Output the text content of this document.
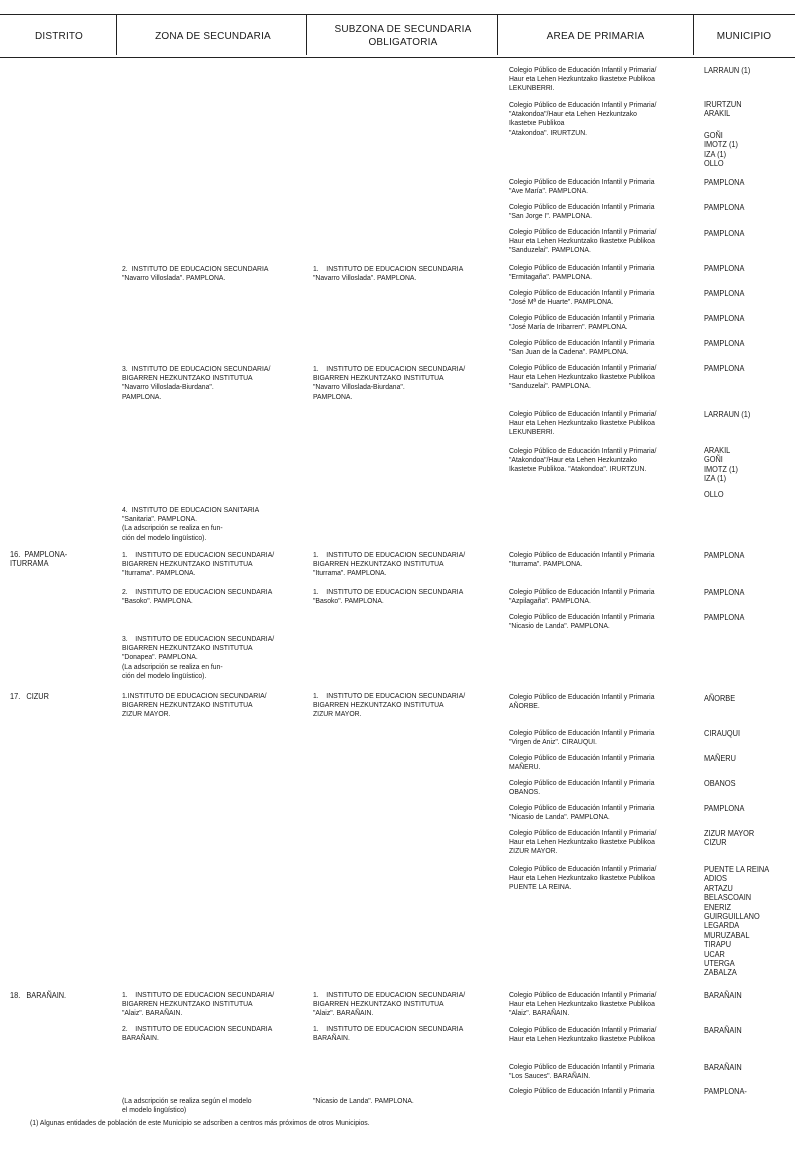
DISTRITO	ZONA DE SECUNDARIA
SUBZONA DE SECUNDARIA
OBLIGATORIA
AREA DE PRIMARIA	MUNICIPIO
Colegio Público de Educación Infantil y Primaria/
Haur eta Lehen Hezkuntzako Ikastetxe Publikoa
LEKUNBERRI.
Colegio Público de Educación Infantil y Primaria/
"Atakondoa"/Haur eta Lehen Hezkuntzako
Ikastetxe Publikoa
"Atakondoa". IRURTZUN.
Colegio Público de Educación Infantil y Primaria
"Ave María". PAMPLONA.
Colegio Público de Educación Infantil y Primaria
"San Jorge I". PAMPLONA.
Colegio Público de Educación Infantil y Primaria/
Haur eta Lehen Hezkuntzako Ikastetxe Publikoa
"Sanduzelai". PAMPLONA.
Colegio Público de Educación Infantil y Primaria
"Ermitagaña". PAMPLONA.
Colegio Público de Educación Infantil y Primaria
"José Mª de Huarte". PAMPLONA.
Colegio Público de Educación Infantil y Primaria
"José María de Iribarren". PAMPLONA.
Colegio Público de Educación Infantil y Primaria
"San Juan de la Cadena". PAMPLONA.
Colegio Público de Educación Infantil y Primaria/
Haur eta Lehen Hezkuntzako Ikastetxe Publikoa
"Sanduzelai". PAMPLONA.
Colegio Público de Educación Infantil y Primaria/
Haur eta Lehen Hezkuntzako Ikastetxe Publikoa
LEKUNBERRI.
Colegio Público de Educación Infantil y Primaria/
"Atakondoa"/Haur eta Lehen Hezkuntzako
Ikastetxe Publikoa. "Atakondoa". IRURTZUN.
Colegio Público de Educación Infantil y Primaria
"Iturrama". PAMPLONA.
Colegio Público de Educación Infantil y Primaria
"Azpilagaña". PAMPLONA.
Colegio Público de Educación Infantil y Primaria
"Nicasio de Landa". PAMPLONA.
Colegio Público de Educación Infantil y Primaria
AÑORBE.
Colegio Público de Educación Infantil y Primaria
"Virgen de Aniz". CIRAUQUI.
Colegio Público de Educación Infantil y Primaria
MAÑERU.
Colegio Público de Educación Infantil y Primaria
OBANOS.
Colegio Público de Educación Infantil y Primaria
"Nicasio de Landa". PAMPLONA.
Colegio Público de Educación Infantil y Primaria/
Haur eta Lehen Hezkuntzako Ikastetxe Publikoa
ZIZUR MAYOR.
Colegio Público de Educación Infantil y Primaria/
Haur eta Lehen Hezkuntzako Ikastetxe Publikoa
PUENTE LA REINA.
Colegio Público de Educación Infantil y Primaria/
Haur eta Lehen Hezkuntzako Ikastetxe Publikoa
"Alaiz". BARAÑAIN.
Colegio Público de Educación Infantil y Primaria/
Haur eta Lehen Hezkuntzako Ikastetxe Publikoa
Colegio Público de Educación Infantil y Primaria
"Los Sauces". BARAÑAIN.
Colegio Público de Educación Infantil y Primaria
LARRAUN (1)
IRURTZUN
ARAKIL
GOÑI
IMOTZ (1)
IZA (1)
OLLO
PAMPLONA
PAMPLONA
PAMPLONA
PAMPLONA
PAMPLONA
PAMPLONA
PAMPLONA
PAMPLONA
LARRAUN (1)
ARAKIL
GOÑI
IMOTZ (1)
IZA (1)
OLLO
PAMPLONA
PAMPLONA
PAMPLONA
AÑORBE
CIRAUQUI
MAÑERU
OBANOS
PAMPLONA
ZIZUR MAYOR
CIZUR
PUENTE LA REINA
ADIOS
ARTAZU
BELASCOAIN
ENERIZ
GUIRGUILLANO
LEGARDA
MURUZABAL
TIRAPU
UCAR
UTERGA
ZABALZA
BARAÑAIN
BARAÑAIN
BARAÑAIN
PAMPLONA-
2.  INSTITUTO DE EDUCACION SECUNDARIA
"Navarro Villoslada". PAMPLONA.
3.  INSTITUTO DE EDUCACION SECUNDARIA/
BIGARREN HEZKUNTZAKO INSTITUTUA
"Navarro Villoslada-Biurdana".
PAMPLONA.
4.  INSTITUTO DE EDUCACION SANITARIA
"Sanitaria". PAMPLONA.
(La adscripción se realiza en fun-
ción del modelo lingüístico).
1.    INSTITUTO DE EDUCACION SECUNDARIA/
BIGARREN HEZKUNTZAKO INSTITUTUA
"Iturrama". PAMPLONA.
2.    INSTITUTO DE EDUCACION SECUNDARIA
"Basoko". PAMPLONA.
3.    INSTITUTO DE EDUCACION SECUNDARIA/
BIGARREN HEZKUNTZAKO INSTITUTUA
"Donapea". PAMPLONA.
(La adscripción se realiza en fun-
ción del modelo lingüístico).
1.INSTITUTO DE EDUCACION SECUNDARIA/
BIGARREN HEZKUNTZAKO INSTITUTUA
ZIZUR MAYOR.
1.    INSTITUTO DE EDUCACION SECUNDARIA/
BIGARREN HEZKUNTZAKO INSTITUTUA
"Alaiz". BARAÑAIN.
2.    INSTITUTO DE EDUCACION SECUNDARIA
BARAÑAIN.
(La adscripción se realiza según el modelo
el modelo lingüístico)
1.    INSTITUTO DE EDUCACION SECUNDARIA
"Navarro Villoslada". PAMPLONA.
1.    INSTITUTO DE EDUCACION SECUNDARIA/
BIGARREN HEZKUNTZAKO INSTITUTUA
"Navarro Villoslada-Biurdana".
PAMPLONA.
1.    INSTITUTO DE EDUCACION SECUNDARIA/
BIGARREN HEZKUNTZAKO INSTITUTUA
"Iturrama". PAMPLONA.
1.    INSTITUTO DE EDUCACION SECUNDARIA
"Basoko". PAMPLONA.
1.    INSTITUTO DE EDUCACION SECUNDARIA/
BIGARREN HEZKUNTZAKO INSTITUTUA
ZIZUR MAYOR.
1.    INSTITUTO DE EDUCACION SECUNDARIA/
BIGARREN HEZKUNTZAKO INSTITUTUA
"Alaiz". BARAÑAIN.
1.    INSTITUTO DE EDUCACION SECUNDARIA
BARAÑAIN.
"Nicasio de Landa". PAMPLONA.
16.  PAMPLONA-
ITURRAMA
17.   CIZUR
18.   BARAÑAIN.
(1) Algunas entidades de población de este Municipio se adscriben a centros más próximos de otros Municipios.
